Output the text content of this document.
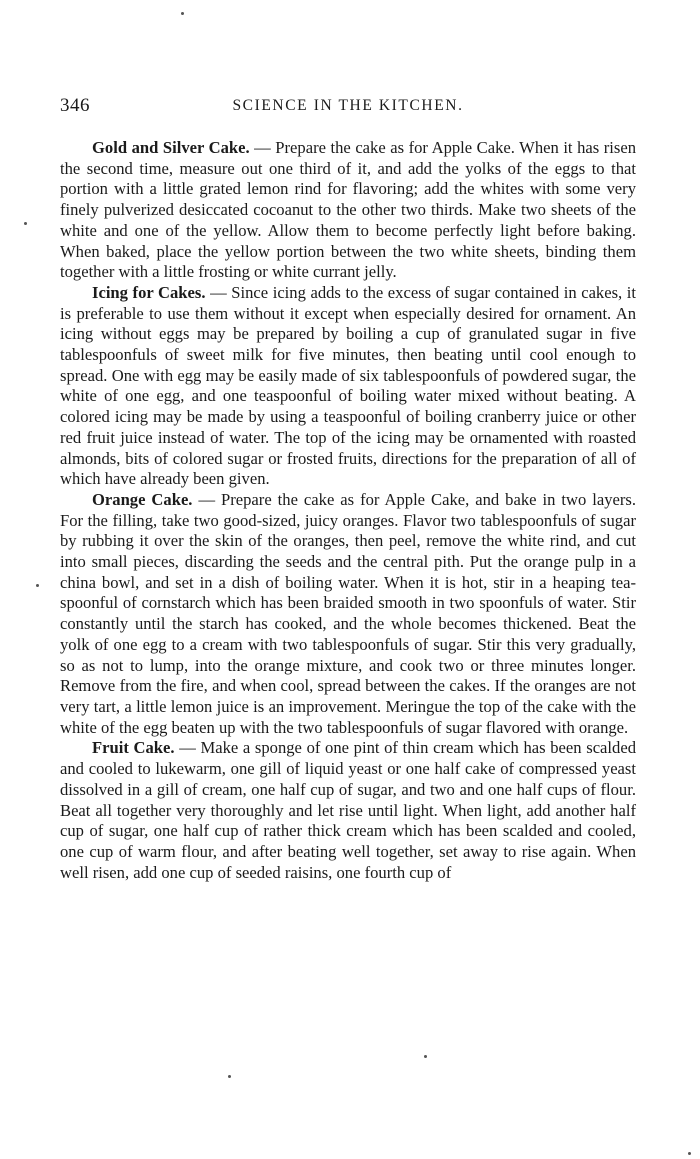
346	SCIENCE IN THE KITCHEN.

Gold and Silver Cake. — Prepare the cake as for Apple Cake. When it has risen the second time, measure out one third of it, and add the yolks of the eggs to that portion with a little grated lemon rind for flavoring; add the whites with some very finely pulverized desiccated cocoanut to the other two thirds. Make two sheets of the white and one of the yellow. Allow them to become perfectly light before baking. When baked, place the yellow portion between the two white sheets, binding them together with a little frosting or white currant jelly.

Icing for Cakes. — Since icing adds to the excess of sugar contained in cakes, it is preferable to use them without it except when especially desired for ornament. An icing without eggs may be prepared by boiling a cup of granulated sugar in five tablespoonfuls of sweet milk for five minutes, then beating until cool enough to spread. One with egg may be easily made of six tablespoonfuls of powdered sugar, the white of one egg, and one teaspoonful of boiling water mixed without beating. A colored icing may be made by using a teaspoonful of boiling cranberry juice or other red fruit juice instead of water. The top of the icing may be ornamented with roasted almonds, bits of colored sugar or frosted fruits, directions for the preparation of all of which have already been given.

Orange Cake. — Prepare the cake as for Apple Cake, and bake in two layers. For the filling, take two good-sized, juicy oranges. Flavor two tablespoonfuls of sugar by rubbing it over the skin of the oranges, then peel, remove the white rind, and cut into small pieces, discarding the seeds and the central pith. Put the orange pulp in a china bowl, and set in a dish of boiling water. When it is hot, stir in a heaping teaspoonful of cornstarch which has been braided smooth in two spoonfuls of water. Stir constantly until the starch has cooked, and the whole becomes thickened. Beat the yolk of one egg to a cream with two tablespoonfuls of sugar. Stir this very gradually, so as not to lump, into the orange mixture, and cook two or three minutes longer. Remove from the fire, and when cool, spread between the cakes. If the oranges are not very tart, a little lemon juice is an improvement. Meringue the top of the cake with the white of the egg beaten up with the two tablespoonfuls of sugar flavored with orange.

Fruit Cake. — Make a sponge of one pint of thin cream which has been scalded and cooled to lukewarm, one gill of liquid yeast or one half cake of compressed yeast dissolved in a gill of cream, one half cup of sugar, and two and one half cups of flour. Beat all together very thoroughly and let rise until light. When light, add another half cup of sugar, one half cup of rather thick cream which has been scalded and cooled, one cup of warm flour, and after beating well together, set away to rise again. When well risen, add one cup of seeded raisins, one fourth cup of
